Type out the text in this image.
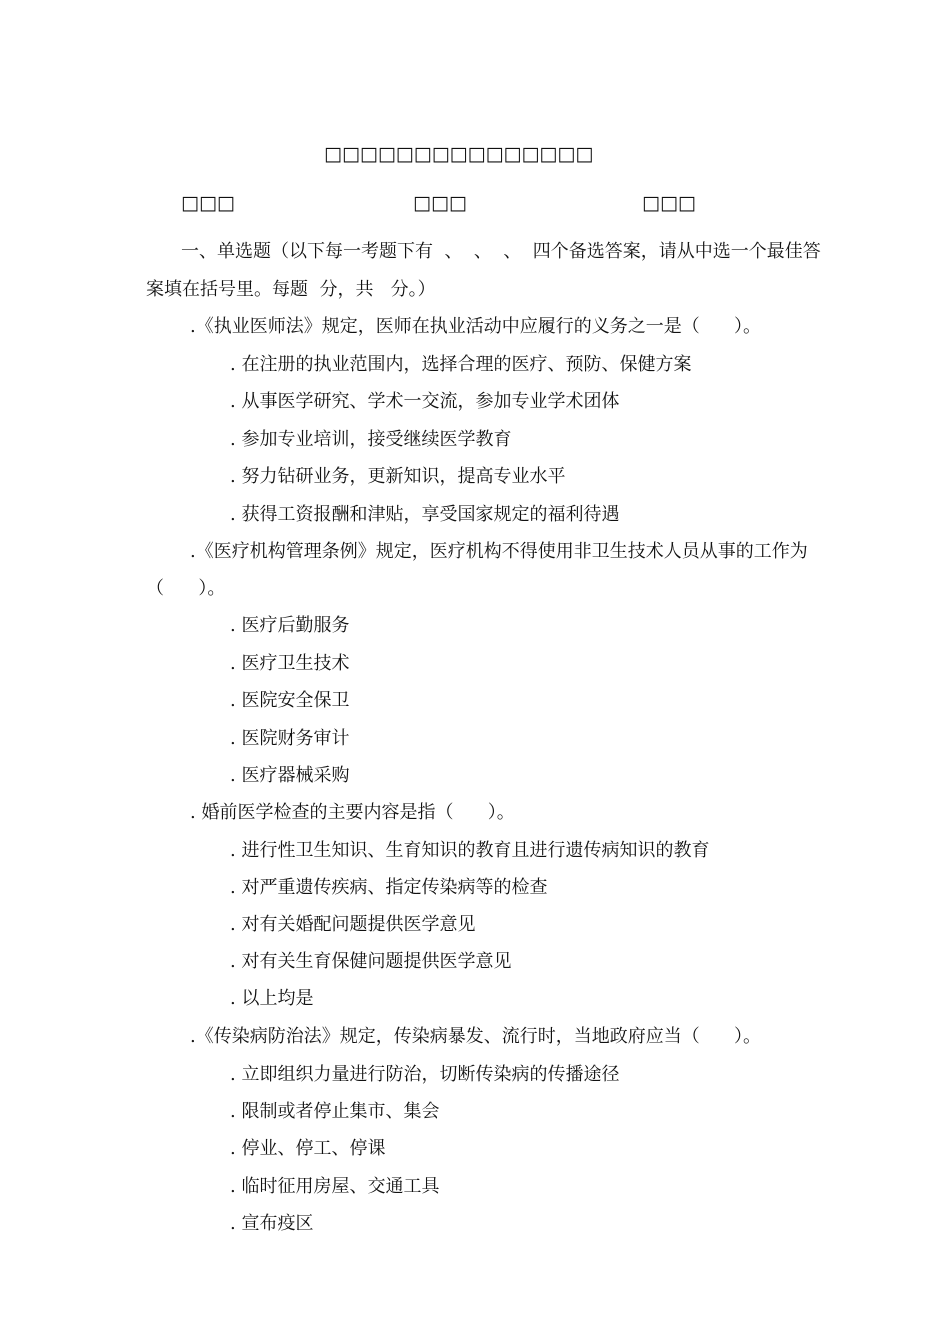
□□□□□□□□□□□□□□□
□□□	□□□	□□□
一、单选题（以下每一考题下有  、  、  、  四个备选答案，请从中选一个最佳答
案填在括号里。每题  分，共   分。）
.《执业医师法》规定，医师在执业活动中应履行的义务之一是（      ）。
. 在注册的执业范围内，选择合理的医疗、预防、保健方案
. 从事医学研究、学术一交流，参加专业学术团体
. 参加专业培训，接受继续医学教育
. 努力钻研业务，更新知识，提高专业水平
. 获得工资报酬和津贴，享受国家规定的福利待遇
.《医疗机构管理条例》规定，医疗机构不得使用非卫生技术人员从事的工作为
（      ）。
. 医疗后勤服务
. 医疗卫生技术
. 医院安全保卫
. 医院财务审计
. 医疗器械采购
. 婚前医学检查的主要内容是指（      ）。
. 进行性卫生知识、生育知识的教育且进行遗传病知识的教育
. 对严重遗传疾病、指定传染病等的检查
. 对有关婚配问题提供医学意见
. 对有关生育保健问题提供医学意见
. 以上均是
.《传染病防治法》规定，传染病暴发、流行时，当地政府应当（      ）。
. 立即组织力量进行防治，切断传染病的传播途径
. 限制或者停止集市、集会
. 停业、停工、停课
. 临时征用房屋、交通工具
. 宣布疫区
